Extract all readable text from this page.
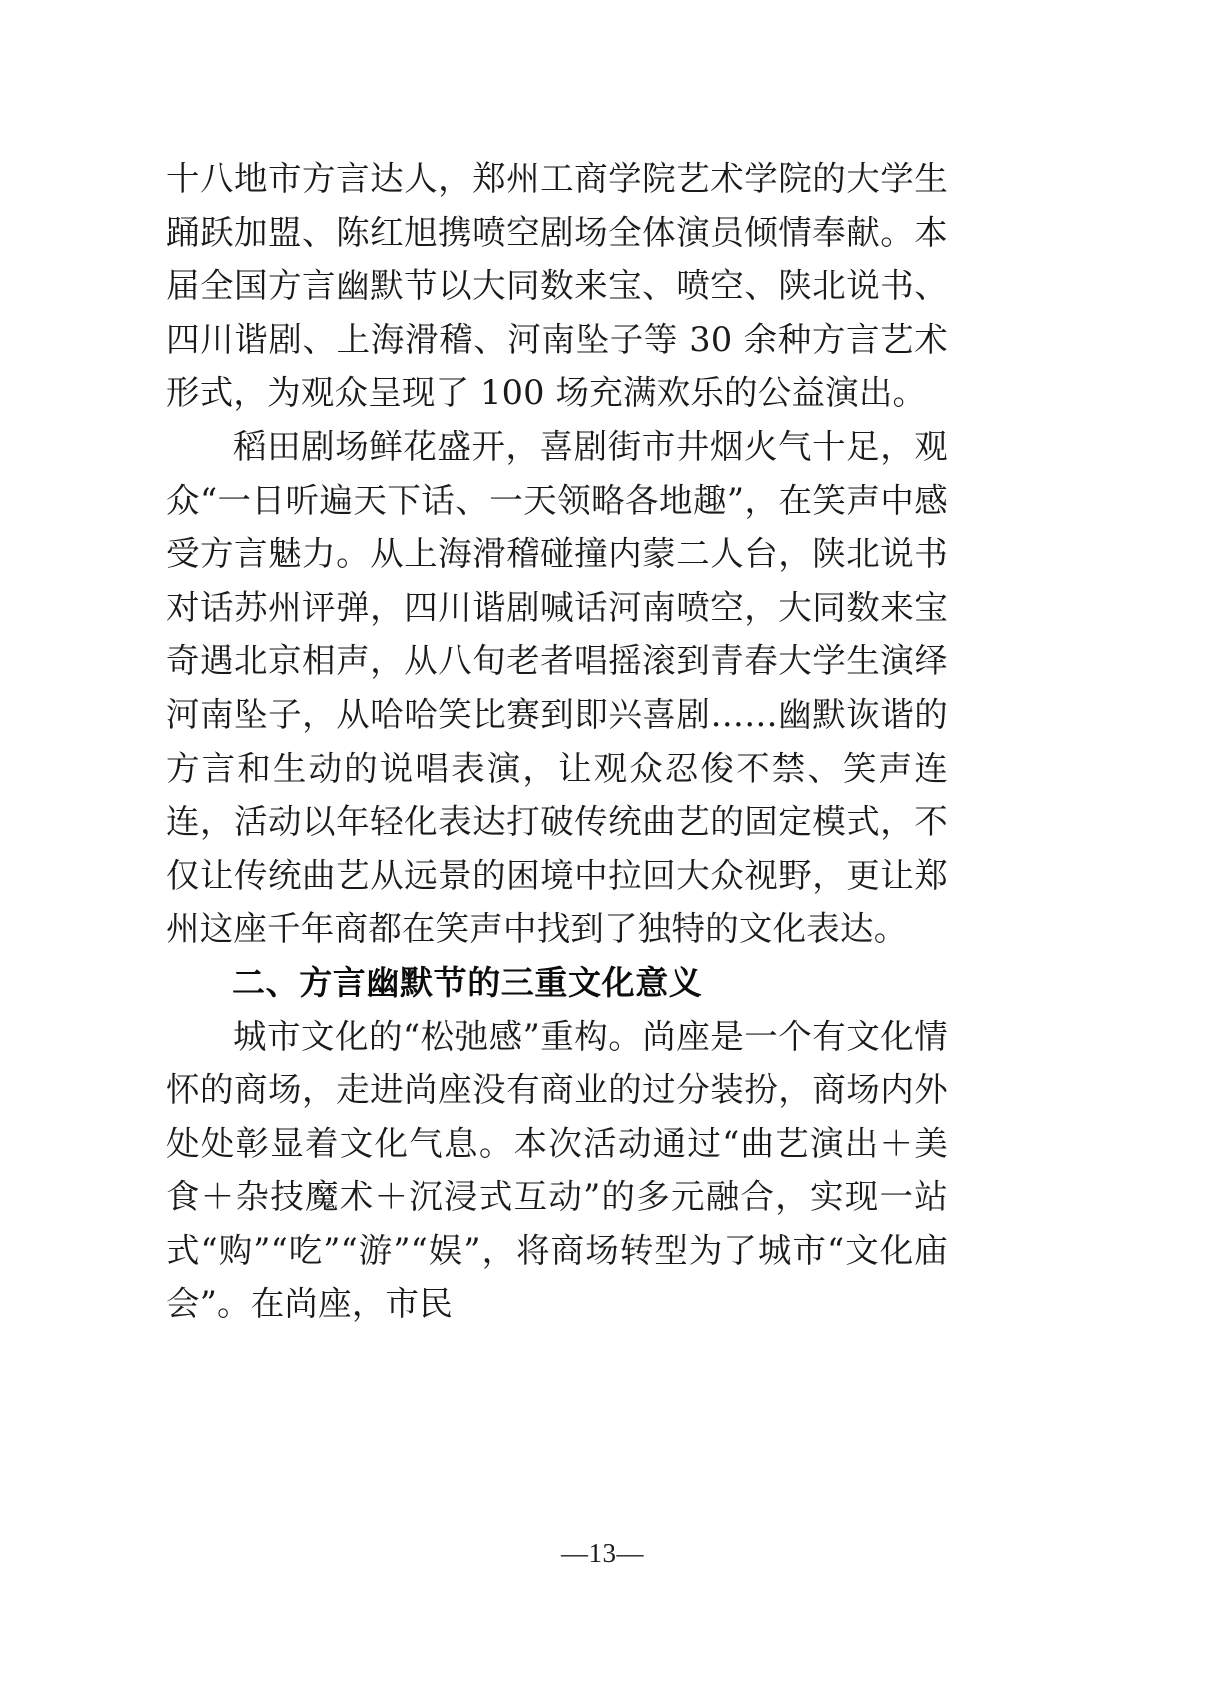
十八地市方言达人，郑州工商学院艺术学院的大学生踊跃加盟、陈红旭携喷空剧场全体演员倾情奉献。本届全国方言幽默节以大同数来宝、喷空、陕北说书、四川谐剧、上海滑稽、河南坠子等 30 余种方言艺术形式，为观众呈现了 100 场充满欢乐的公益演出。

稻田剧场鲜花盛开，喜剧街市井烟火气十足，观众“一日听遍天下话、一天领略各地趣”，在笑声中感受方言魅力。从上海滑稽碰撞内蒙二人台，陕北说书对话苏州评弹，四川谐剧喊话河南喷空，大同数来宝奇遇北京相声，从八旬老者唱摇滚到青春大学生演绎河南坠子，从哈哈笑比赛到即兴喜剧……幽默诙谐的方言和生动的说唱表演，让观众忍俊不禁、笑声连连，活动以年轻化表达打破传统曲艺的固定模式，不仅让传统曲艺从远景的困境中拉回大众视野，更让郑州这座千年商都在笑声中找到了独特的文化表达。

二、方言幽默节的三重文化意义

城市文化的“松弛感”重构。尚座是一个有文化情怀的商场，走进尚座没有商业的过分装扮，商场内外处处彰显着文化气息。本次活动通过“曲艺演出＋美食＋杂技魔术＋沉浸式互动”的多元融合，实现一站式“购”“吃”“游”“娱”，将商场转型为了城市“文化庙会”。在尚座，市民

—13—
